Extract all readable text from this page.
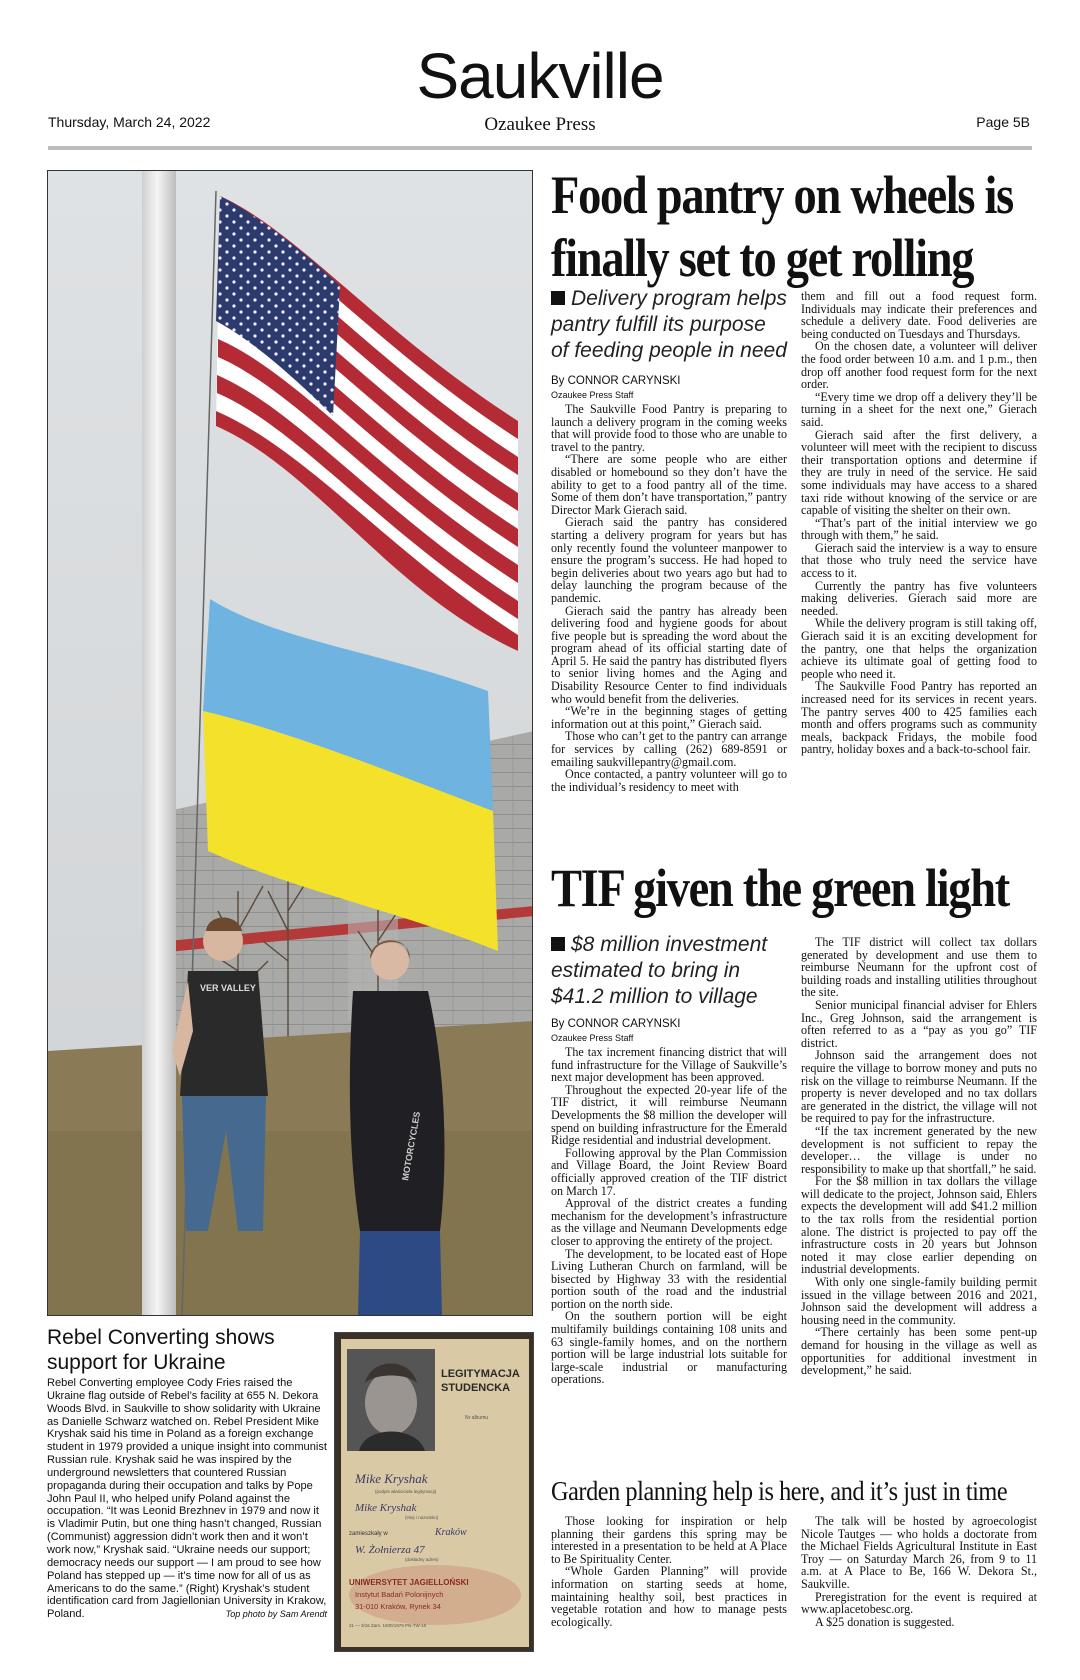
Saukville
Thursday, March 24, 2022	Ozaukee Press	Page 5B
VER VALLEY
MOTORCYCLES
Rebel Converting shows support for Ukraine
Rebel Converting employee Cody Fries raised the Ukraine flag outside of Rebel’s facility at 655 N. Dekora Woods Blvd. in Saukville to show solidarity with Ukraine as Danielle Schwarz watched on. Rebel President Mike Kryshak said his time in Poland as a foreign exchange student in 1979 provided a unique insight into communist Russian rule. Kryshak said he was inspired by the underground newsletters that countered Russian propaganda during their occupation and talks by Pope John Paul II, who helped unify Poland against the occupation. “It was Leonid Brezhnev in 1979 and now it is Vladimir Putin, but one thing hasn’t changed, Russian (Communist) aggression didn’t work then and it won’t work now,” Kryshak said. “Ukraine needs our support; democracy needs our support — I am proud to see how Poland has stepped up — it’s time now for all of us as Americans to do the same.” (Right) Kryshak’s student identification card from Jagiellonian University in Krakow, Poland.	Top photo by Sam Arendt
LEGITYMACJA
STUDENCKA
Nr albumu
Mike Kryshak
(podpis właściciela legitymacji)
Mike Kryshak
(imię i nazwisko)
zamieszkały w	Kraków
W. Żołnierza 47
(dokładny adres)
UNIWERSYTET JAGIELLOŃSKI
Instytut Badań Polonijnych
31-010 Kraków, Rynek 34
31 — 3/16 Zam. 1600/1979 PN-TW-10
Food pantry on wheels is
finally set to get rolling
Delivery program helps pantry fulfill its purpose of feeding people in need
By CONNOR CARYNSKI
Ozaukee Press Staff

The Saukville Food Pantry is preparing to launch a delivery program in the coming weeks that will provide food to those who are unable to travel to the pantry.

“There are some people who are either disabled or homebound so they don’t have the ability to get to a food pantry all of the time. Some of them don’t have transportation,” pantry Director Mark Gierach said.

Gierach said the pantry has considered starting a delivery program for years but has only recently found the volunteer manpower to ensure the program’s success. He had hoped to begin deliveries about two years ago but had to delay launching the program because of the pandemic.

Gierach said the pantry has already been delivering food and hygiene goods for about five people but is spreading the word about the program ahead of its official starting date of April 5. He said the pantry has distributed flyers to senior living homes and the Aging and Disability Resource Center to find individuals who would benefit from the deliveries.

“We’re in the beginning stages of getting information out at this point,” Gierach said.

Those who can’t get to the pantry can arrange for services by calling (262) 689-8591 or emailing saukvillepantry@gmail.com.

Once contacted, a pantry volunteer will go to the individual’s residency to meet with

them and fill out a food request form. Individuals may indicate their preferences and schedule a delivery date. Food deliveries are being conducted on Tuesdays and Thursdays.

On the chosen date, a volunteer will deliver the food order between 10 a.m. and 1 p.m., then drop off another food request form for the next order.

“Every time we drop off a delivery they’ll be turning in a sheet for the next one,” Gierach said.

Gierach said after the first delivery, a volunteer will meet with the recipient to discuss their transportation options and determine if they are truly in need of the service. He said some individuals may have access to a shared taxi ride without knowing of the service or are capable of visiting the shelter on their own.

“That’s part of the initial interview we go through with them,” he said.

Gierach said the interview is a way to ensure that those who truly need the service have access to it.

Currently the pantry has five volunteers making deliveries. Gierach said more are needed.

While the delivery program is still taking off, Gierach said it is an exciting development for the pantry, one that helps the organization achieve its ultimate goal of getting food to people who need it.

The Saukville Food Pantry has reported an increased need for its services in recent years. The pantry serves 400 to 425 families each month and offers programs such as community meals, backpack Fridays, the mobile food pantry, holiday boxes and a back-to-school fair.

TIF given the green light
$8 million investment estimated to bring in $41.2 million to village
By CONNOR CARYNSKI
Ozaukee Press Staff

The tax increment financing district that will fund infrastructure for the Village of Saukville’s next major development has been approved.

Throughout the expected 20-year life of the TIF district, it will reimburse Neumann Developments the $8 million the developer will spend on building infrastructure for the Emerald Ridge residential and industrial development.

Following approval by the Plan Commission and Village Board, the Joint Review Board officially approved creation of the TIF district on March 17.

Approval of the district creates a funding mechanism for the development’s infrastructure as the village and Neumann Developments edge closer to approving the entirety of the project.

The development, to be located east of Hope Living Lutheran Church on farmland, will be bisected by Highway 33 with the residential portion south of the road and the industrial portion on the north side.

On the southern portion will be eight multifamily buildings containing 108 units and 63 single-family homes, and on the northern portion will be large industrial lots suitable for large-scale industrial or manufacturing operations.

The TIF district will collect tax dollars generated by development and use them to reimburse Neumann for the upfront cost of building roads and installing utilities throughout the site.

Senior municipal financial adviser for Ehlers Inc., Greg Johnson, said the arrangement is often referred to as a “pay as you go” TIF district.

Johnson said the arrangement does not require the village to borrow money and puts no risk on the village to reimburse Neumann. If the property is never developed and no tax dollars are generated in the district, the village will not be required to pay for the infrastructure.

“If the tax increment generated by the new development is not sufficient to repay the developer… the village is under no responsibility to make up that shortfall,” he said.

For the $8 million in tax dollars the village will dedicate to the project, Johnson said, Ehlers expects the development will add $41.2 million to the tax rolls from the residential portion alone. The district is projected to pay off the infrastructure costs in 20 years but Johnson noted it may close earlier depending on industrial developments.

With only one single-family building permit issued in the village between 2016 and 2021, Johnson said the development will address a housing need in the community.

“There certainly has been some pent-up demand for housing in the village as well as opportunities for additional investment in development,” he said.

Garden planning help is here, and it’s just in time

Those looking for inspiration or help planning their gardens this spring may be interested in a presentation to be held at A Place to Be Spirituality Center.

“Whole Garden Planning” will provide information on starting seeds at home, maintaining healthy soil, best practices in vegetable rotation and how to manage pests ecologically.

The talk will be hosted by agroecologist Nicole Tautges — who holds a doctorate from the Michael Fields Agricultural Institute in East Troy — on Saturday March 26, from 9 to 11 a.m. at A Place to Be, 166 W. Dekora St., Saukville.

Preregistration for the event is required at www.aplacetobesc.org.

A $25 donation is suggested.
